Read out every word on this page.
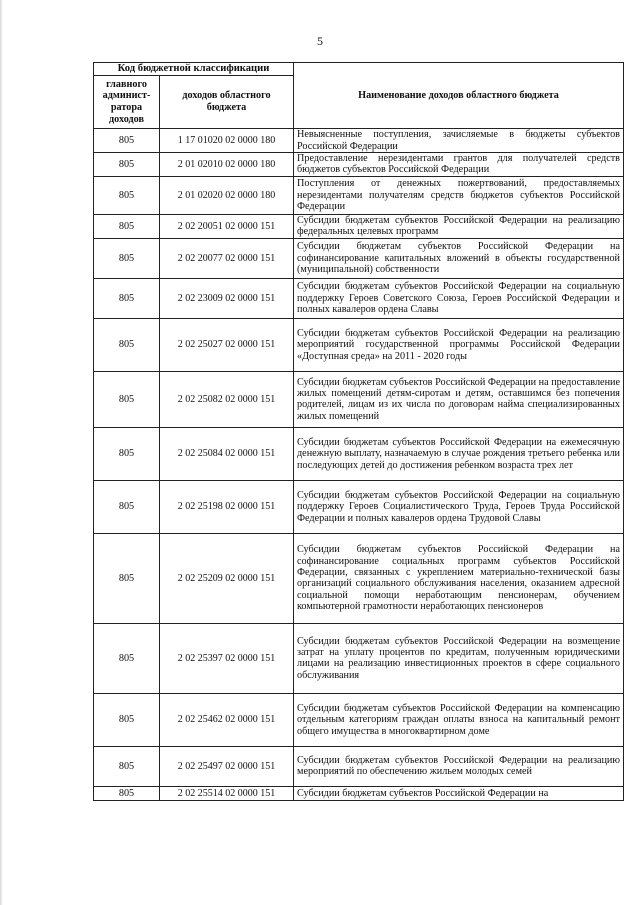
5
Код бюджетной классификации		Наименование доходов областного бюджета
главного админист-ратора доходов	доходов областного бюджета	
805	1 17 01020 02 0000 180	Невыясненные поступления, зачисляемые в бюджеты субъектов Российской Федерации
805	2 01 02010 02 0000 180	Предоставление нерезидентами грантов для получателей средств бюджетов субъектов Российской Федерации
805	2 01 02020 02 0000 180	Поступления от денежных пожертвований, предоставляемых нерезидентами получателям средств бюджетов субъектов Российской Федерации
805	2 02 20051 02 0000 151	Субсидии бюджетам субъектов Российской Федерации на реализацию федеральных целевых программ
805	2 02 20077 02 0000 151	Субсидии бюджетам субъектов Российской Федерации на софинансирование капитальных вложений в объекты государственной (муниципальной) собственности
805	2 02 23009 02 0000 151	Субсидии бюджетам субъектов Российской Федерации на социальную поддержку Героев Советского Союза, Героев Российской Федерации и полных кавалеров ордена Славы
805	2 02 25027 02 0000 151	Субсидии бюджетам субъектов Российской Федерации на реализацию мероприятий государственной программы Российской Федерации «Доступная среда» на 2011 - 2020 годы
805	2 02 25082 02 0000 151	Субсидии бюджетам субъектов Российской Федерации на предоставление жилых помещений детям-сиротам и детям, оставшимся без попечения родителей, лицам из их числа по договорам найма специализированных жилых помещений
805	2 02 25084 02 0000 151	Субсидии бюджетам субъектов Российской Федерации на ежемесячную денежную выплату, назначаемую в случае рождения третьего ребенка или последующих детей до достижения ребенком возраста трех лет
805	2 02 25198 02 0000 151	Субсидии бюджетам субъектов Российской Федерации на социальную поддержку Героев Социалистического Труда, Героев Труда Российской Федерации и полных кавалеров ордена Трудовой Славы
805	2 02 25209 02 0000 151	Субсидии бюджетам субъектов Российской Федерации на софинансирование социальных программ субъектов Российской Федерации, связанных с укреплением материально-технической базы организаций социального обслуживания населения, оказанием адресной социальной помощи неработающим пенсионерам, обучением компьютерной грамотности неработающих пенсионеров
805	2 02 25397 02 0000 151	Субсидии бюджетам субъектов Российской Федерации на возмещение затрат на уплату процентов по кредитам, полученным юридическими лицами на реализацию инвестиционных проектов в сфере социального обслуживания
805	2 02 25462 02 0000 151	Субсидии бюджетам субъектов Российской Федерации на компенсацию отдельным категориям граждан оплаты взноса на капитальный ремонт общего имущества в многоквартирном доме
805	2 02 25497 02 0000 151	Субсидии бюджетам субъектов Российской Федерации на реализацию мероприятий по обеспечению жильем молодых семей
805	2 02 25514 02 0000 151	Субсидии бюджетам субъектов Российской Федерации на
